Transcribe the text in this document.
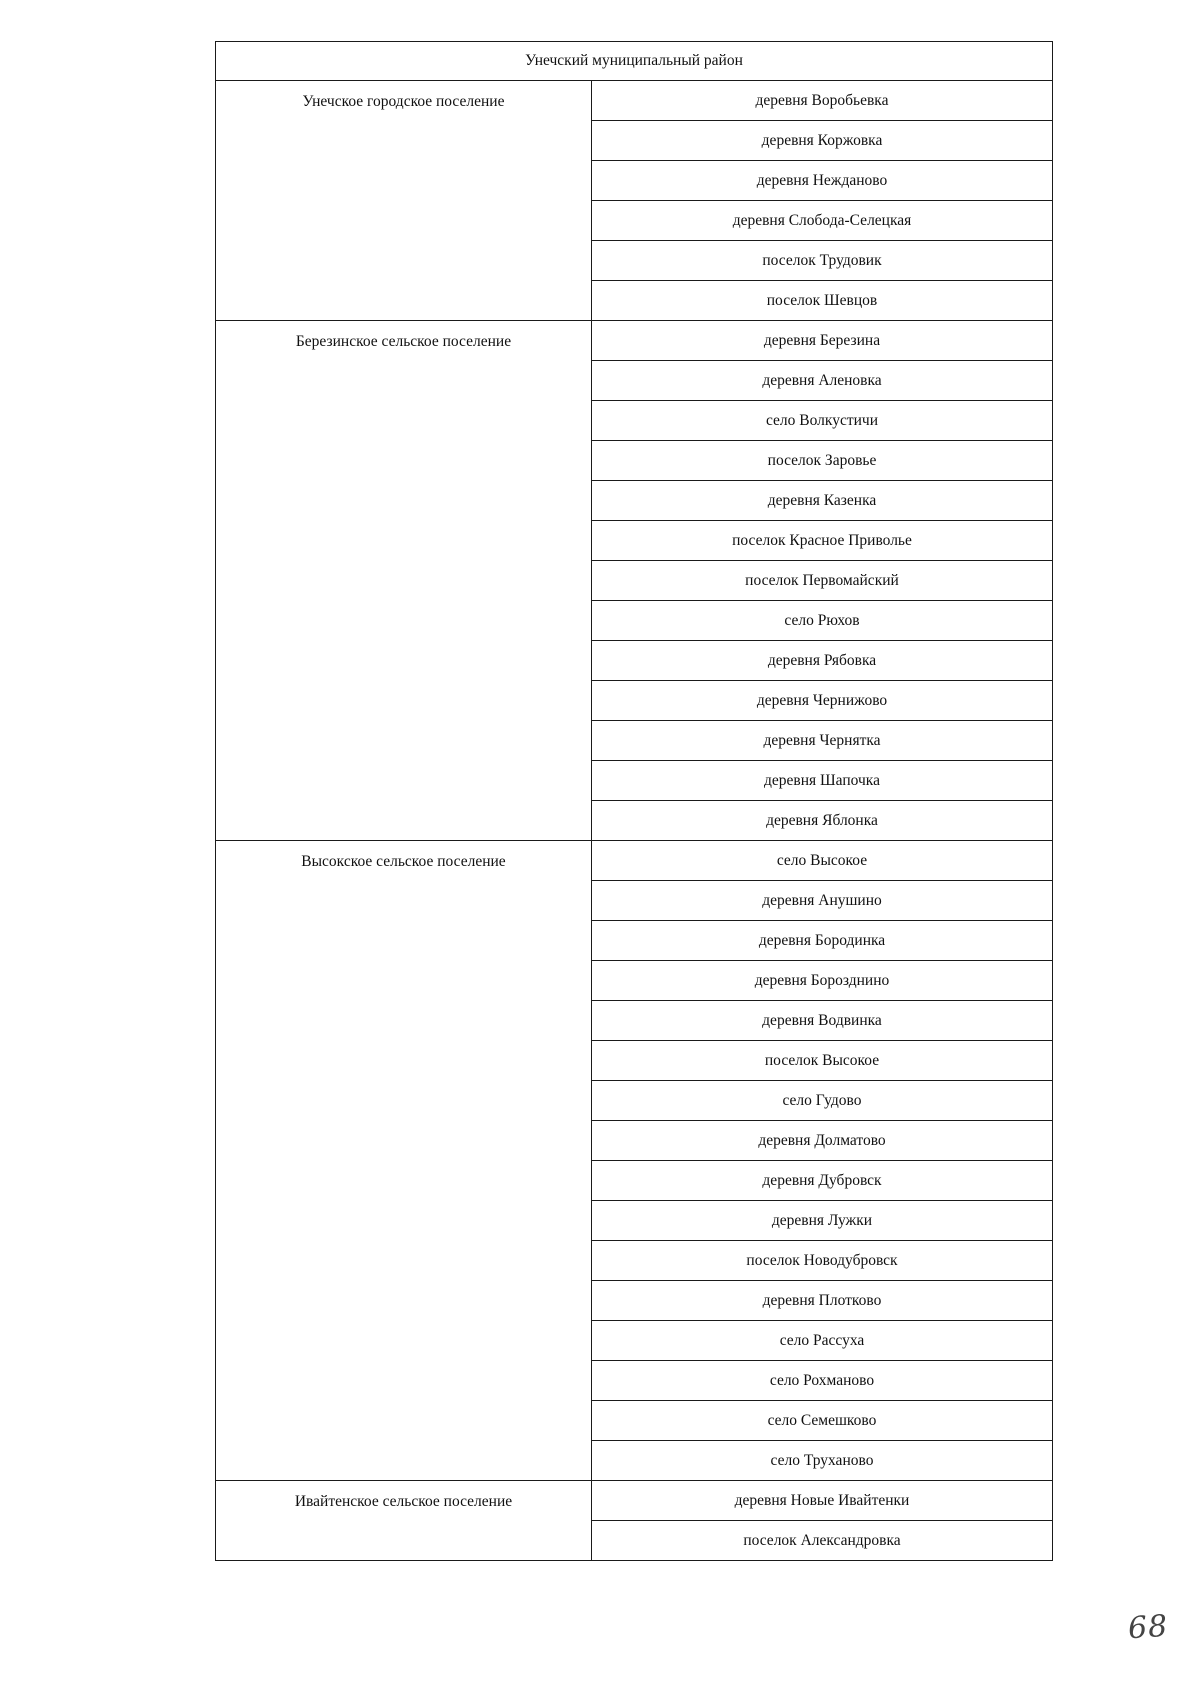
Унечский муниципальный район	
Унечское городское поселение	деревня Воробьевка
	деревня Коржовка
	деревня Нежданово
	деревня Слобода-Селецкая
	поселок Трудовик
	поселок Шевцов
Березинское сельское поселение	деревня Березина
	деревня Аленовка
	село Волкустичи
	поселок Заровье
	деревня Казенка
	поселок Красное Приволье
	поселок Первомайский
	село Рюхов
	деревня Рябовка
	деревня Чернижово
	деревня Чернятка
	деревня Шапочка
	деревня Яблонка
Высокское сельское поселение	село Высокое
	деревня Анушино
	деревня Бородинка
	деревня Борозднино
	деревня Водвинка
	поселок Высокое
	село Гудово
	деревня Долматово
	деревня Дубровск
	деревня Лужки
	поселок Новодубровск
	деревня Плотково
	село Рассуха
	село Рохманово
	село Семешково
	село Труханово
Ивайтенское сельское поселение	деревня Новые Ивайтенки
	поселок Александровка
68
